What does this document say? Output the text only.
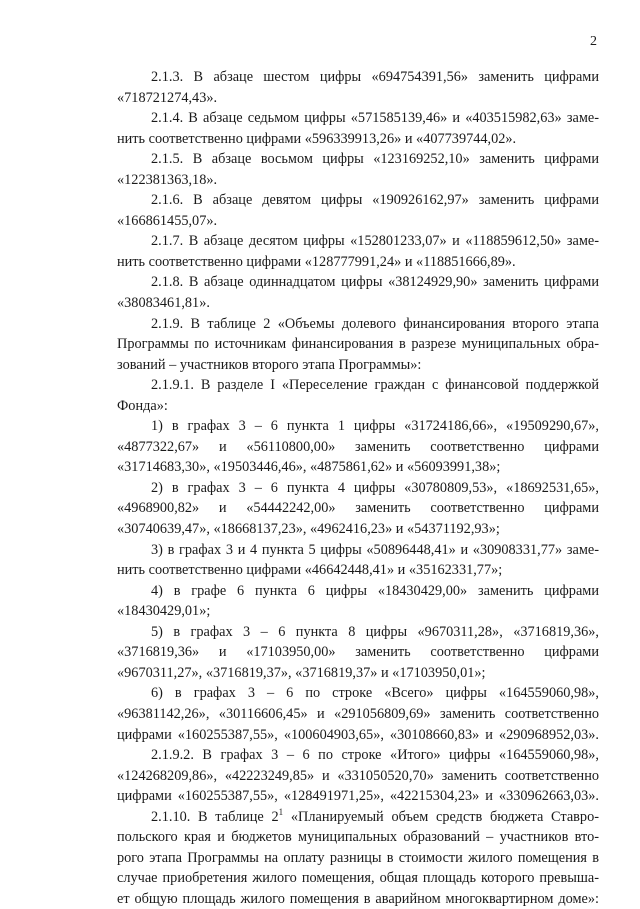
2
2.1.3. В абзаце шестом цифры «694754391,56» заменить цифрами
«718721274,43».
2.1.4. В абзаце седьмом цифры «571585139,46» и «403515982,63» заме-
нить соответственно цифрами «596339913,26» и «407739744,02».
2.1.5. В абзаце восьмом цифры «123169252,10» заменить цифрами
«122381363,18».
2.1.6. В абзаце девятом цифры «190926162,97» заменить цифрами
«166861455,07».
2.1.7. В абзаце десятом цифры «152801233,07» и «118859612,50» заме-
нить соответственно цифрами «128777991,24» и «118851666,89».
2.1.8. В абзаце одиннадцатом цифры «38124929,90» заменить цифрами
«38083461,81».
2.1.9. В таблице 2 «Объемы долевого финансирования второго этапа
Программы по источникам финансирования в разрезе муниципальных обра-
зований – участников второго этапа Программы»:
2.1.9.1. В разделе I «Переселение граждан с финансовой поддержкой
Фонда»:
1) в графах 3 – 6 пункта 1 цифры «31724186,66», «19509290,67»,
«4877322,67» и «56110800,00» заменить соответственно цифрами
«31714683,30», «19503446,46», «4875861,62» и «56093991,38»;
2) в графах 3 – 6 пункта 4 цифры «30780809,53», «18692531,65»,
«4968900,82» и «54442242,00» заменить соответственно цифрами
«30740639,47», «18668137,23», «4962416,23» и «54371192,93»;
3) в графах 3 и 4 пункта 5 цифры «50896448,41» и «30908331,77» заме-
нить соответственно цифрами «46642448,41» и «35162331,77»;
4) в графе 6 пункта 6 цифры «18430429,00» заменить цифрами
«18430429,01»;
5) в графах 3 – 6 пункта 8 цифры «9670311,28», «3716819,36»,
«3716819,36» и «17103950,00» заменить соответственно цифрами
«9670311,27», «3716819,37», «3716819,37» и «17103950,01»;
6) в графах 3 – 6 по строке «Всего» цифры «164559060,98»,
«96381142,26», «30116606,45» и «291056809,69» заменить соответственно
цифрами «160255387,55», «100604903,65», «30108660,83» и «290968952,03».
2.1.9.2. В графах 3 – 6 по строке «Итого» цифры «164559060,98»,
«124268209,86», «42223249,85» и «331050520,70» заменить соответственно
цифрами «160255387,55», «128491971,25», «42215304,23» и «330962663,03».
2.1.10. В таблице $2^1$ «Планируемый объем средств бюджета Ставро-
польского края и бюджетов муниципальных образований – участников вто-
рого этапа Программы на оплату разницы в стоимости жилого помещения в
случае приобретения жилого помещения, общая площадь которого превыша-
ет общую площадь жилого помещения в аварийном многоквартирном доме»:
